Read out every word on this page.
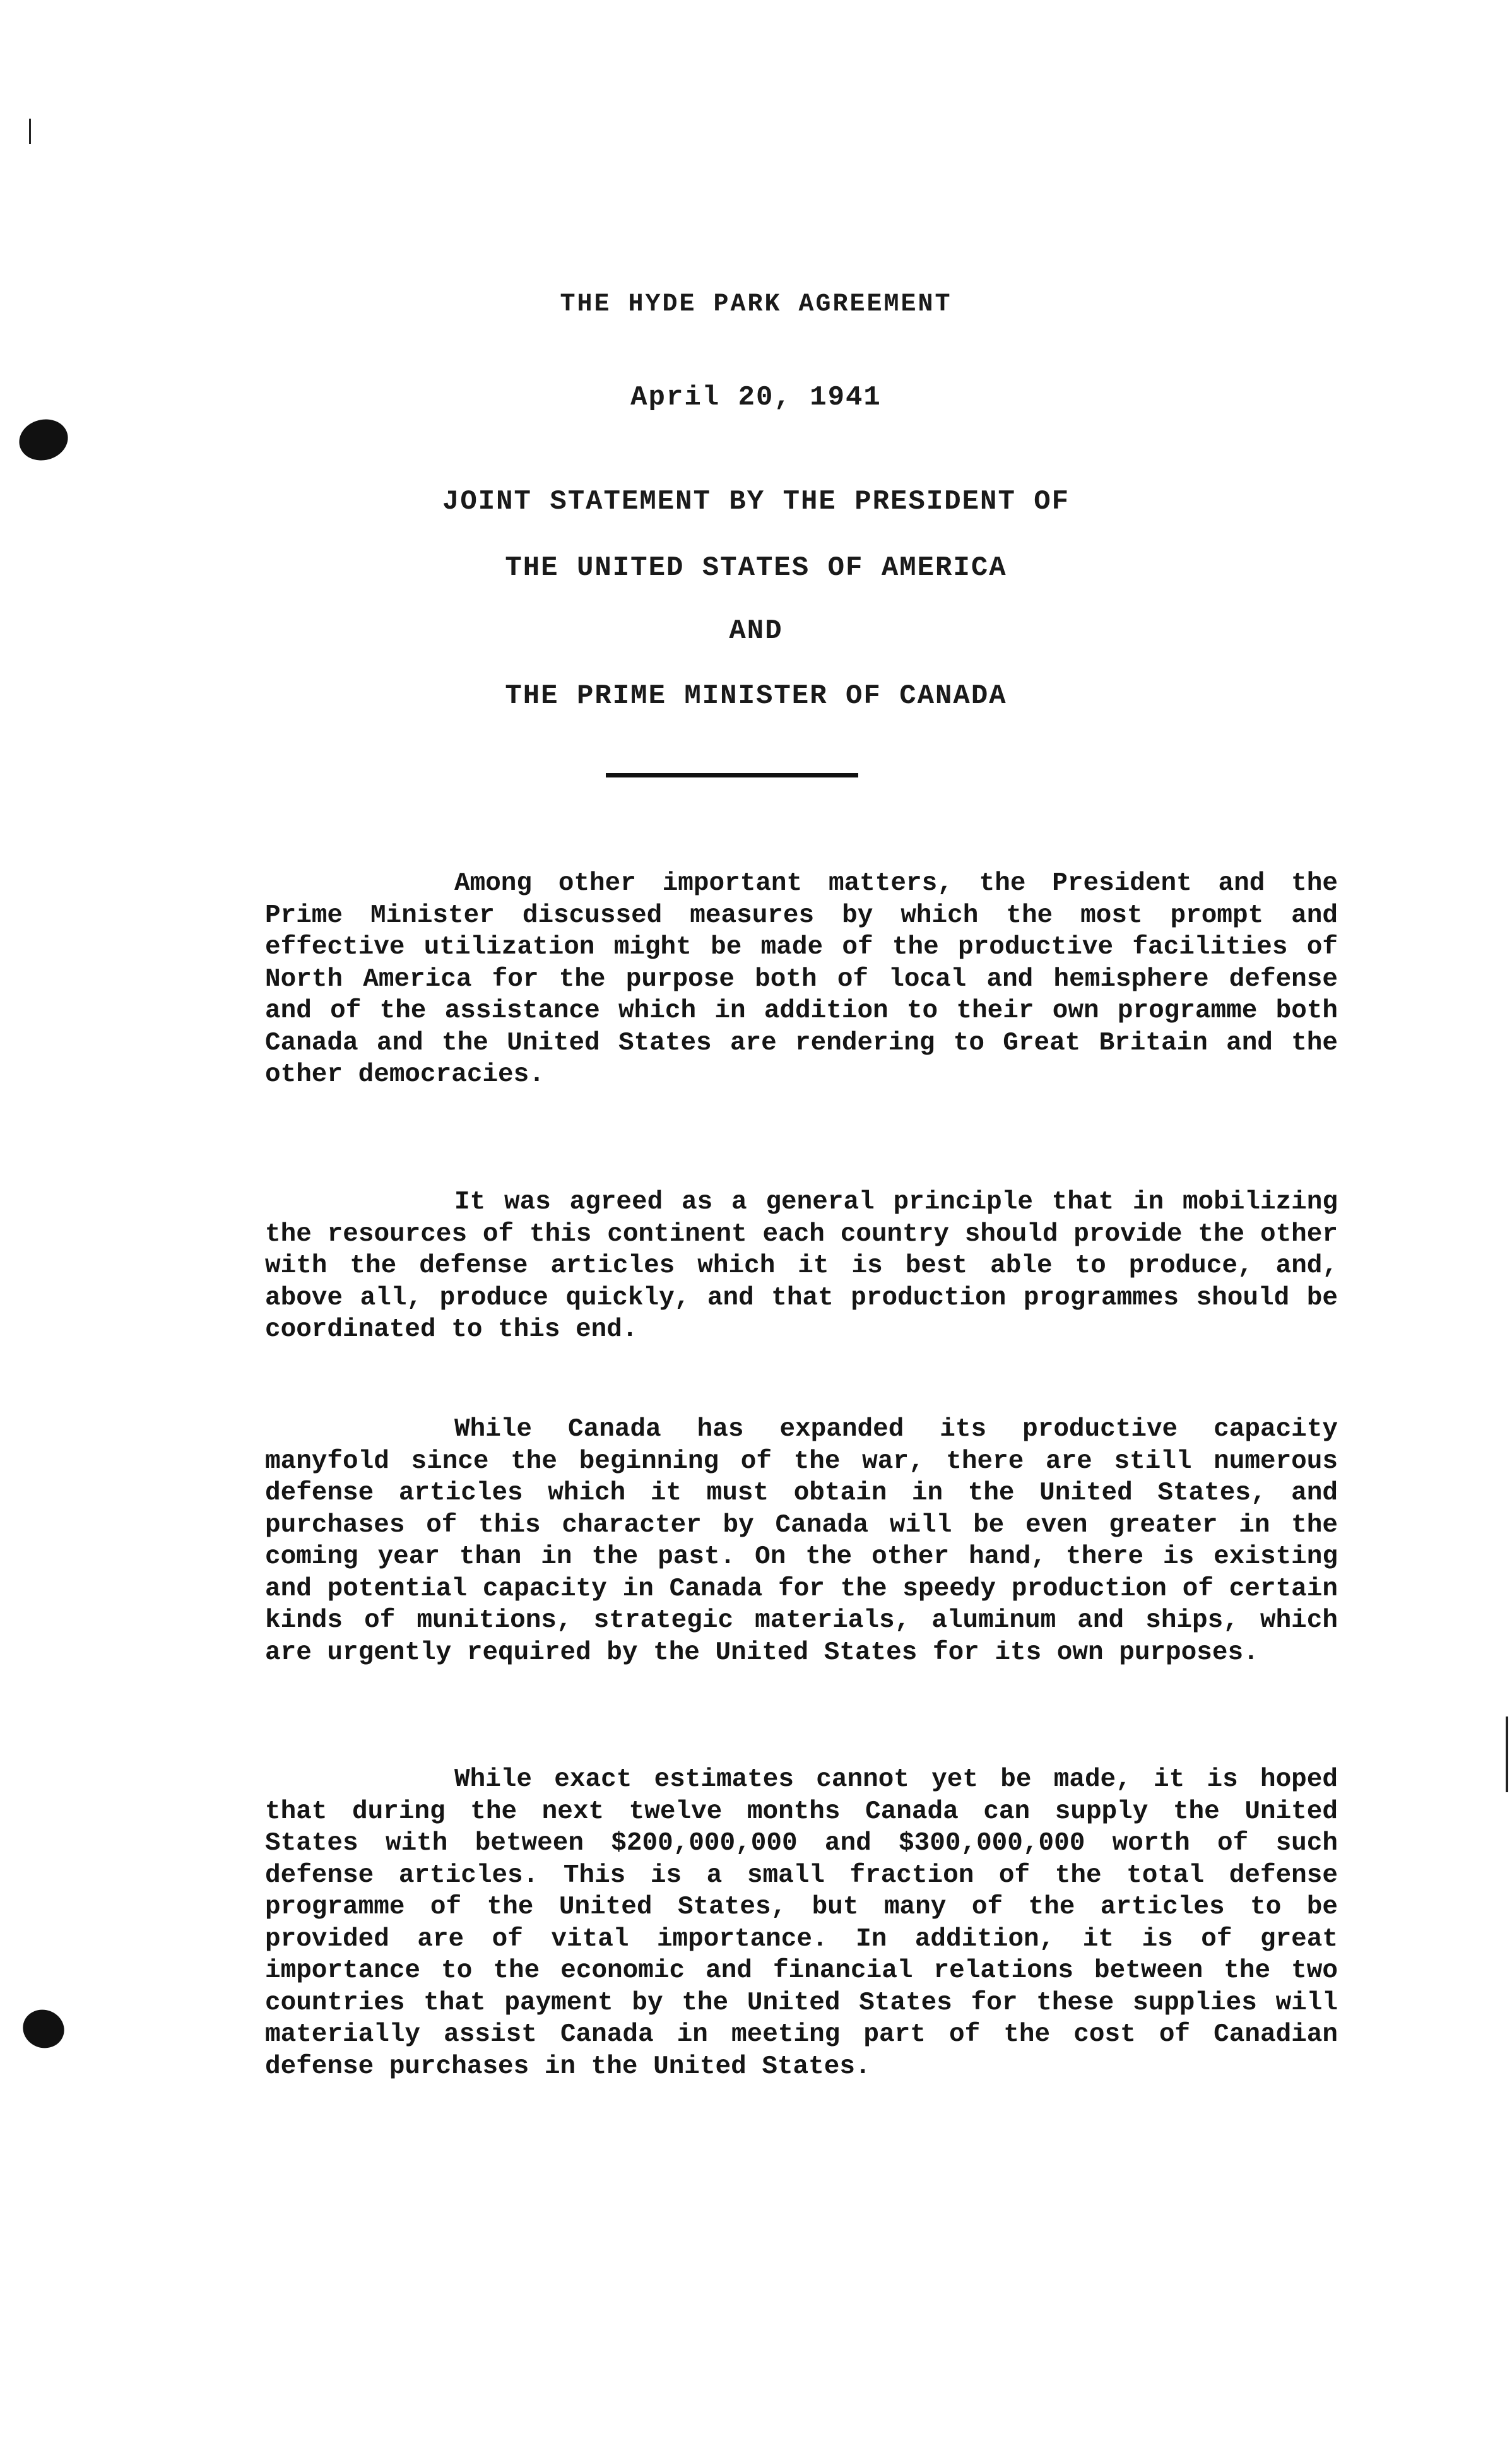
THE HYDE PARK AGREEMENT
April 20, 1941
JOINT STATEMENT BY THE PRESIDENT OF
THE UNITED STATES OF AMERICA
AND
THE PRIME MINISTER OF CANADA

Among other important matters, the President and the Prime Minister discussed measures by which the most prompt and effective utilization might be made of the productive facilities of North America for the purpose both of local and hemisphere defense and of the assistance which in addition to their own programme both Canada and the United States are rendering to Great Britain and the other democracies.

It was agreed as a general principle that in mobilizing the resources of this continent each country should provide the other with the defense articles which it is best able to produce, and, above all, produce quickly, and that production programmes should be coordinated to this end.

While Canada has expanded its productive capacity manyfold since the beginning of the war, there are still numerous defense articles which it must obtain in the United States, and purchases of this character by Canada will be even greater in the coming year than in the past. On the other hand, there is existing and potential capacity in Canada for the speedy production of certain kinds of munitions, strategic materials, aluminum and ships, which are urgently required by the United States for its own purposes.

While exact estimates cannot yet be made, it is hoped that during the next twelve months Canada can supply the United States with between $200,000,000 and $300,000,000 worth of such defense articles. This is a small fraction of the total defense programme of the United States, but many of the articles to be provided are of vital importance. In addition, it is of great importance to the economic and financial relations between the two countries that payment by the United States for these supplies will materially assist Canada in meeting part of the cost of Canadian defense purchases in the United States.
